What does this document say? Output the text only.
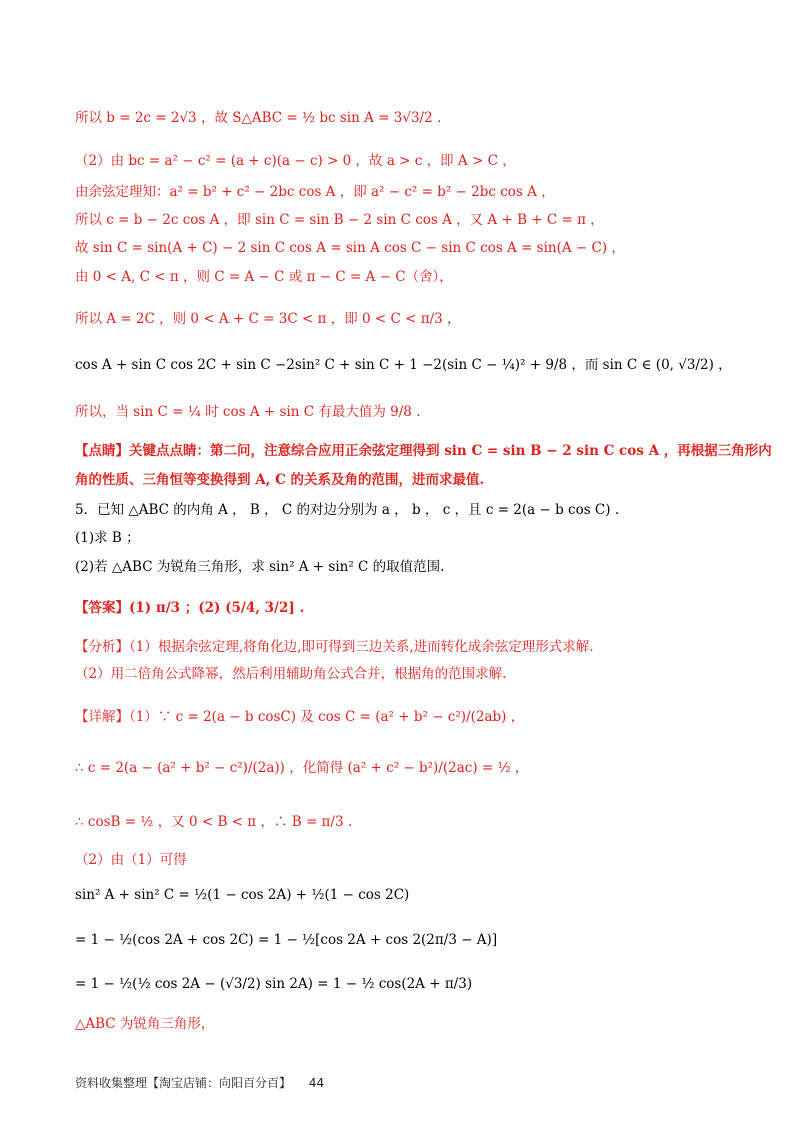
所以 b = 2c = 2√3 ，故 S△ABC = ½ bc sin A = 3√3/2 .
（2）由 bc = a² − c² = (a + c)(a − c) > 0 ，故 a > c ，即 A > C ，
由余弦定理知：a² = b² + c² − 2bc cos A ，即 a² − c² = b² − 2bc cos A ，
所以 c = b − 2c cos A ，即 sin C = sin B − 2 sin C cos A ，又 A + B + C = π ，
故 sin C = sin(A + C) − 2 sin C cos A = sin A cos C − sin C cos A = sin(A − C) ，
由 0 < A, C < π ，则 C = A − C 或 π − C = A − C（舍），
所以 A = 2C ，则 0 < A + C = 3C < π ，即 0 < C < π/3 ，
cos A + sin C cos 2C + sin C −2sin² C + sin C + 1 −2(sin C − ¼)² + 9/8 ，而 sin C ∈ (0, √3/2) ，
所以，当 sin C = ¼ 时 cos A + sin C 有最大值为 9/8 .
【点睛】关键点点睛：第二问，注意综合应用正余弦定理得到 sin C = sin B − 2 sin C cos A ，再根据三角形内
角的性质、三角恒等变换得到 A, C 的关系及角的范围，进而求最值.
5．已知 △ABC 的内角 A ， B ， C 的对边分别为 a ， b ， c ，且 c = 2(a − b cos C) .
(1)求 B ；
(2)若 △ABC 为锐角三角形，求 sin² A + sin² C 的取值范围.
【答案】(1) π/3 ；(2) (5/4, 3/2] .
【分析】（1）根据余弦定理,将角化边,即可得到三边关系,进而转化成余弦定理形式求解.
（2）用二倍角公式降幂，然后利用辅助角公式合并，根据角的范围求解.
【详解】（1）∵ c = 2(a − b cosC) 及 cos C = (a² + b² − c²)/(2ab) ，
∴ c = 2(a − (a² + b² − c²)/(2a)) ，化简得 (a² + c² − b²)/(2ac) = ½ ，
∴ cosB = ½ ，又 0 < B < π ，∴ B = π/3 .
（2）由（1）可得
sin² A + sin² C = ½(1 − cos 2A) + ½(1 − cos 2C)
= 1 − ½(cos 2A + cos 2C) = 1 − ½[cos 2A + cos 2(2π/3 − A)]
= 1 − ½(½ cos 2A − (√3/2) sin 2A) = 1 − ½ cos(2A + π/3)
△ABC 为锐角三角形，
资料收集整理【淘宝店铺：向阳百分百】 44
